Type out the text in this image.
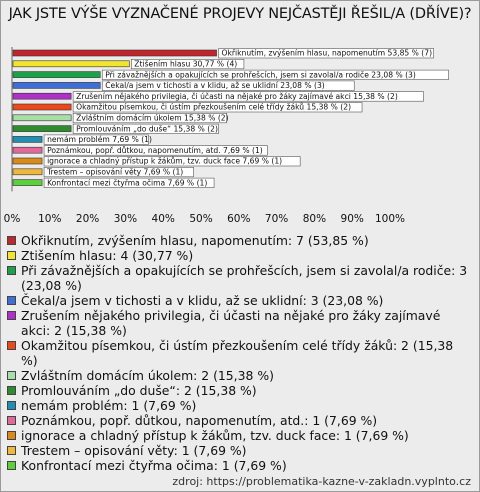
JAK JSTE VÝŠE VYZNAČENÉ PROJEVY NEJČASTĚJI ŘEŠIL/A (DŘÍVE)?
Okřiknutím, zvýšením hlasu, napomenutím 53,85 % (7)
Ztišením hlasu 30,77 % (4)
Při závažnějších a opakujících se prohřešcích, jsem si zavolal/a rodiče 23,08 % (3)
Čekal/a jsem v tichosti a v klidu, až se uklidní 23,08 % (3)
Zrušením nějakého privilegia, či účasti na nějaké pro žáky zajímavé akci 15,38 % (2)
Okamžitou písemkou, či ústím přezkoušením celé třídy žáků 15,38 % (2)
Zvláštním domácím úkolem 15,38 % (2)
Promlouváním „do duše“ 15,38 % (2)
nemám problém 7,69 % (1)
Poznámkou, popř. důtkou, napomenutím, atd. 7,69 % (1)
ignorace a chladný přístup k žákům, tzv. duck face 7,69 % (1)
Trestem – opisování věty 7,69 % (1)
Konfrontací mezi čtyřma očima 7,69 % (1)
0% 10% 20% 30% 40% 50% 60% 70% 80% 90% 100%
Okřiknutím, zvýšením hlasu, napomenutím: 7 (53,85 %)
Ztišením hlasu: 4 (30,77 %)
Při závažnějších a opakujících se prohřešcích, jsem si zavolal/a rodiče: 3 (23,08 %)
Čekal/a jsem v tichosti a v klidu, až se uklidní: 3 (23,08 %)
Zrušením nějakého privilegia, či účasti na nějaké pro žáky zajímavé akci: 2 (15,38 %)
Okamžitou písemkou, či ústím přezkoušením celé třídy žáků: 2 (15,38 %)
Zvláštním domácím úkolem: 2 (15,38 %)
Promlouváním „do duše“: 2 (15,38 %)
nemám problém: 1 (7,69 %)
Poznámkou, popř. důtkou, napomenutím, atd.: 1 (7,69 %)
ignorace a chladný přístup k žákům, tzv. duck face: 1 (7,69 %)
Trestem – opisování věty: 1 (7,69 %)
Konfrontací mezi čtyřma očima: 1 (7,69 %)
zdroj: https://problematika-kazne-v-zakladn.vyplnto.cz
